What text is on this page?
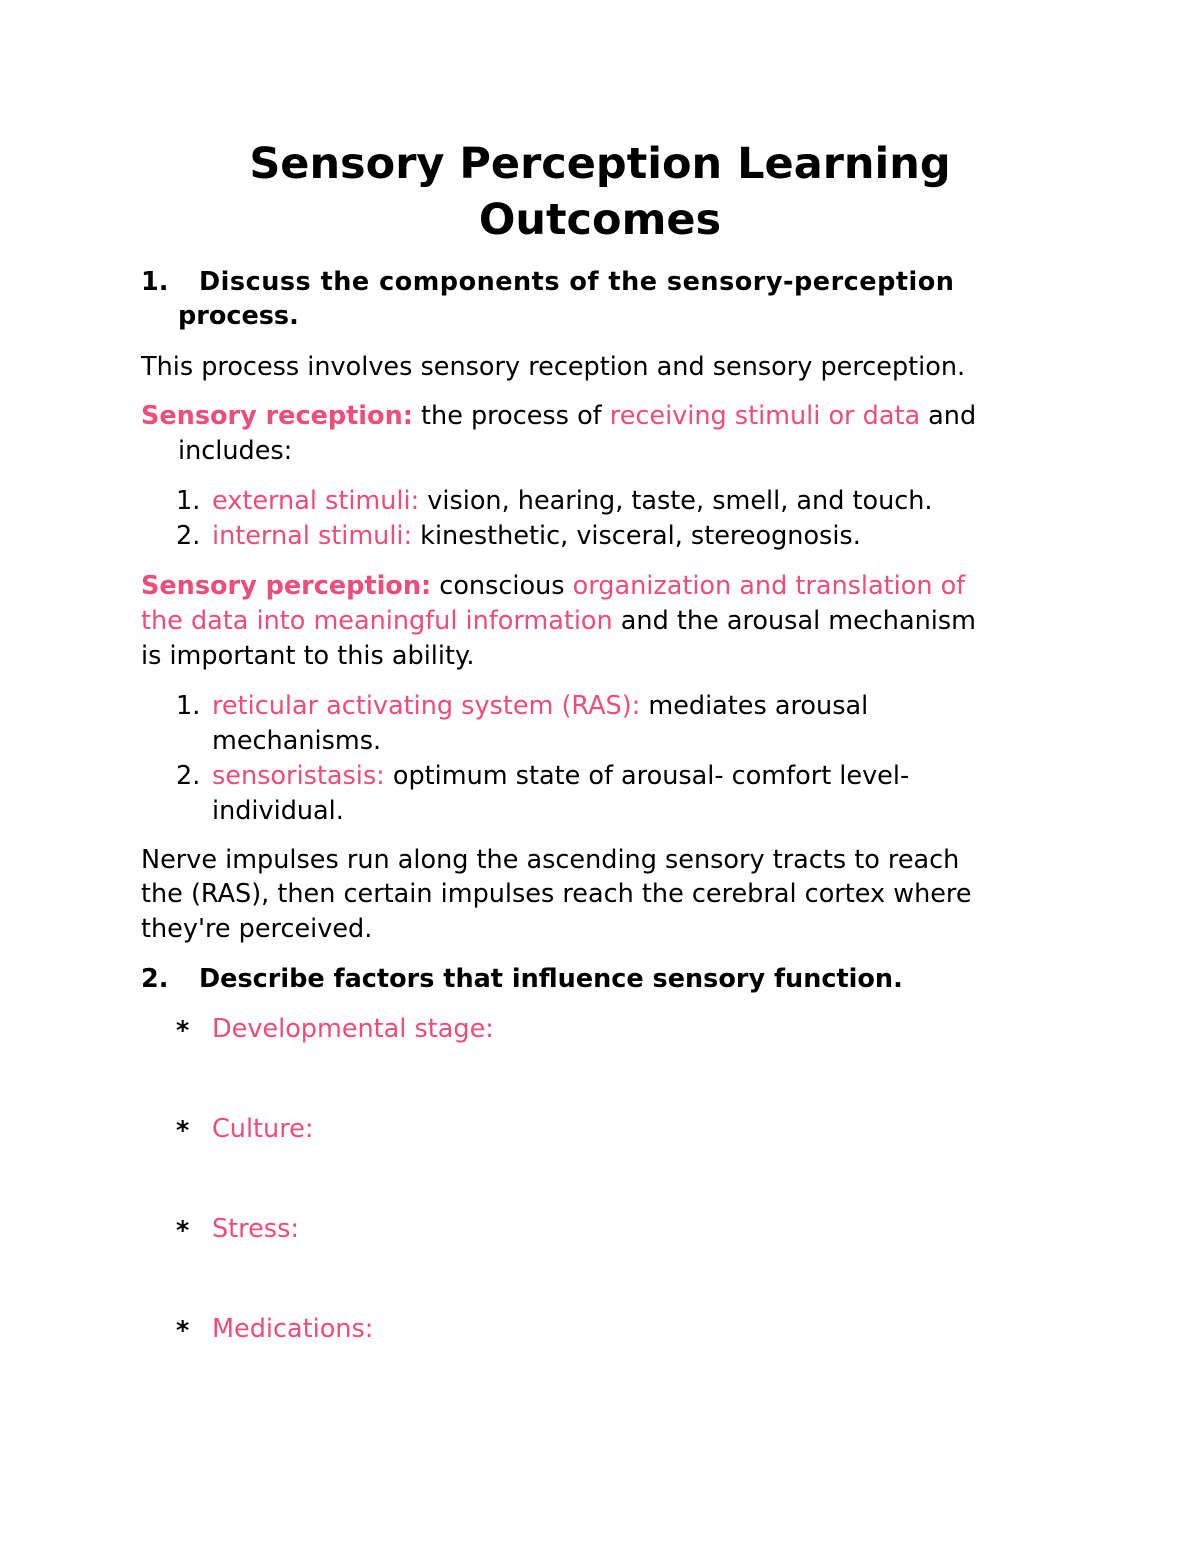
Sensory Perception Learning
Outcomes
1. Discuss the components of the sensory-perception
process.
This process involves sensory reception and sensory perception.
Sensory reception: the process of receiving stimuli or data and
includes:
1. external stimuli: vision, hearing, taste, smell, and touch.
2. internal stimuli: kinesthetic, visceral, stereognosis.
Sensory perception: conscious organization and translation of
the data into meaningful information and the arousal mechanism
is important to this ability.
1. reticular activating system (RAS): mediates arousal
mechanisms.
2. sensoristasis: optimum state of arousal- comfort level-
individual.
Nerve impulses run along the ascending sensory tracts to reach
the (RAS), then certain impulses reach the cerebral cortex where
they're perceived.
2. Describe factors that influence sensory function.
* Developmental stage:
* Culture:
* Stress:
* Medications:
